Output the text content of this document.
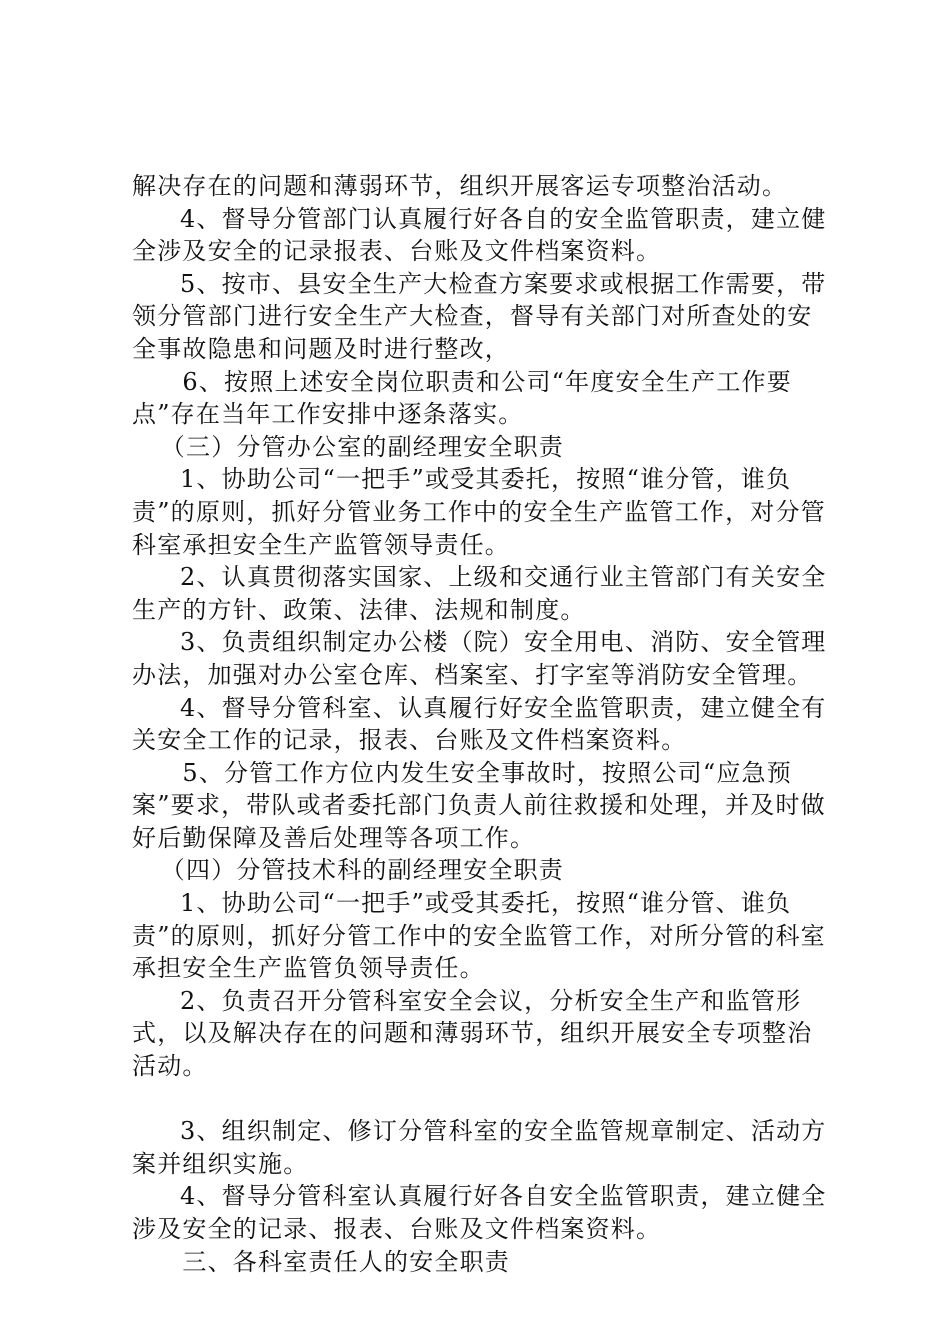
解决存在的问题和薄弱环节，组织开展客运专项整治活动。

4、督导分管部门认真履行好各自的安全监管职责，建立健全涉及安全的记录报表、台账及文件档案资料。

5、按市、县安全生产大检查方案要求或根据工作需要，带领分管部门进行安全生产大检查，督导有关部门对所查处的安全事故隐患和问题及时进行整改，

6、按照上述安全岗位职责和公司“年度安全生产工作要点”存在当年工作安排中逐条落实。

（三）分管办公室的副经理安全职责

1、协助公司“一把手”或受其委托，按照“谁分管，谁负责”的原则，抓好分管业务工作中的安全生产监管工作，对分管科室承担安全生产监管领导责任。

2、认真贯彻落实国家、上级和交通行业主管部门有关安全生产的方针、政策、法律、法规和制度。

3、负责组织制定办公楼（院）安全用电、消防、安全管理办法，加强对办公室仓库、档案室、打字室等消防安全管理。

4、督导分管科室、认真履行好安全监管职责，建立健全有关安全工作的记录，报表、台账及文件档案资料。

5、分管工作方位内发生安全事故时，按照公司“应急预案”要求，带队或者委托部门负责人前往救援和处理，并及时做好后勤保障及善后处理等各项工作。

（四）分管技术科的副经理安全职责

1、协助公司“一把手”或受其委托，按照“谁分管、谁负责”的原则，抓好分管工作中的安全监管工作，对所分管的科室承担安全生产监管负领导责任。

2、负责召开分管科室安全会议，分析安全生产和监管形式，以及解决存在的问题和薄弱环节，组织开展安全专项整治活动。

3、组织制定、修订分管科室的安全监管规章制定、活动方案并组织实施。

4、督导分管科室认真履行好各自安全监管职责，建立健全涉及安全的记录、报表、台账及文件档案资料。

三、各科室责任人的安全职责
